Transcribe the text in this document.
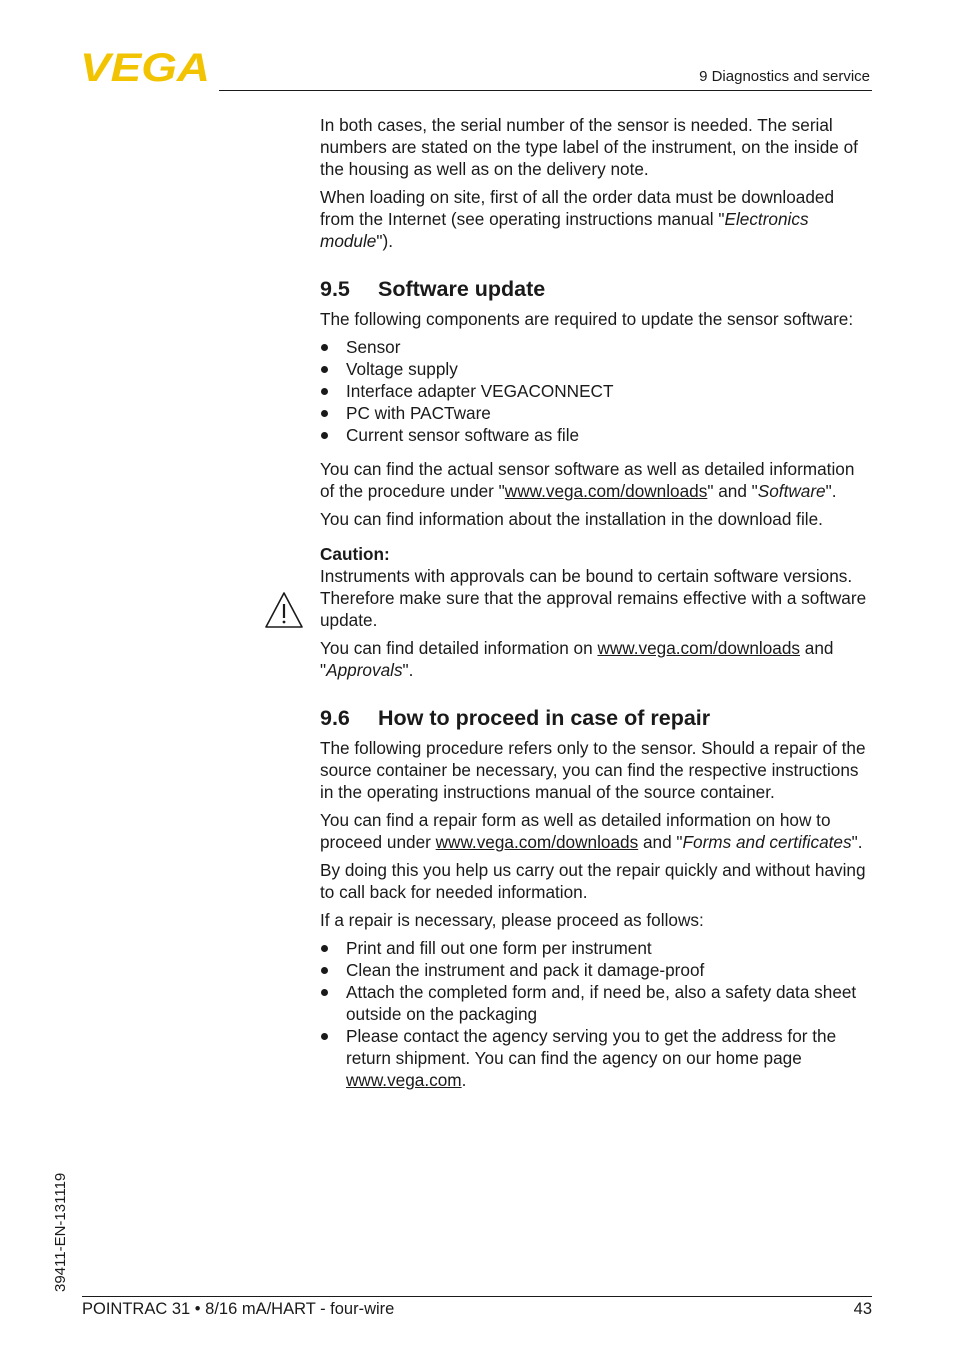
VEGA	9 Diagnostics and service

In both cases, the serial number of the sensor is needed. The serial numbers are stated on the type label of the instrument, on the inside of the housing as well as on the delivery note.

When loading on site, first of all the order data must be downloaded from the Internet (see operating instructions manual "Electronics module").

9.5 Software update

The following components are required to update the sensor software:

Sensor
Voltage supply
Interface adapter VEGACONNECT
PC with PACTware
Current sensor software as file

You can find the actual sensor software as well as detailed information of the procedure under "www.vega.com/downloads" and "Software".

You can find information about the installation in the download file.

Caution:

Instruments with approvals can be bound to certain software versions. Therefore make sure that the approval remains effective with a software update.

You can find detailed information on www.vega.com/downloads and "Approvals".

9.6 How to proceed in case of repair

The following procedure refers only to the sensor. Should a repair of the source container be necessary, you can find the respective instructions in the operating instructions manual of the source container.

You can find a repair form as well as detailed information on how to proceed under www.vega.com/downloads and "Forms and certificates".

By doing this you help us carry out the repair quickly and without having to call back for needed information.

If a repair is necessary, please proceed as follows:

Print and fill out one form per instrument
Clean the instrument and pack it damage-proof
Attach the completed form and, if need be, also a safety data sheet outside on the packaging
Please contact the agency serving you to get the address for the return shipment. You can find the agency on our home page www.vega.com.
39411-EN-131119
POINTRAC 31 • 8/16 mA/HART - four-wire	43
